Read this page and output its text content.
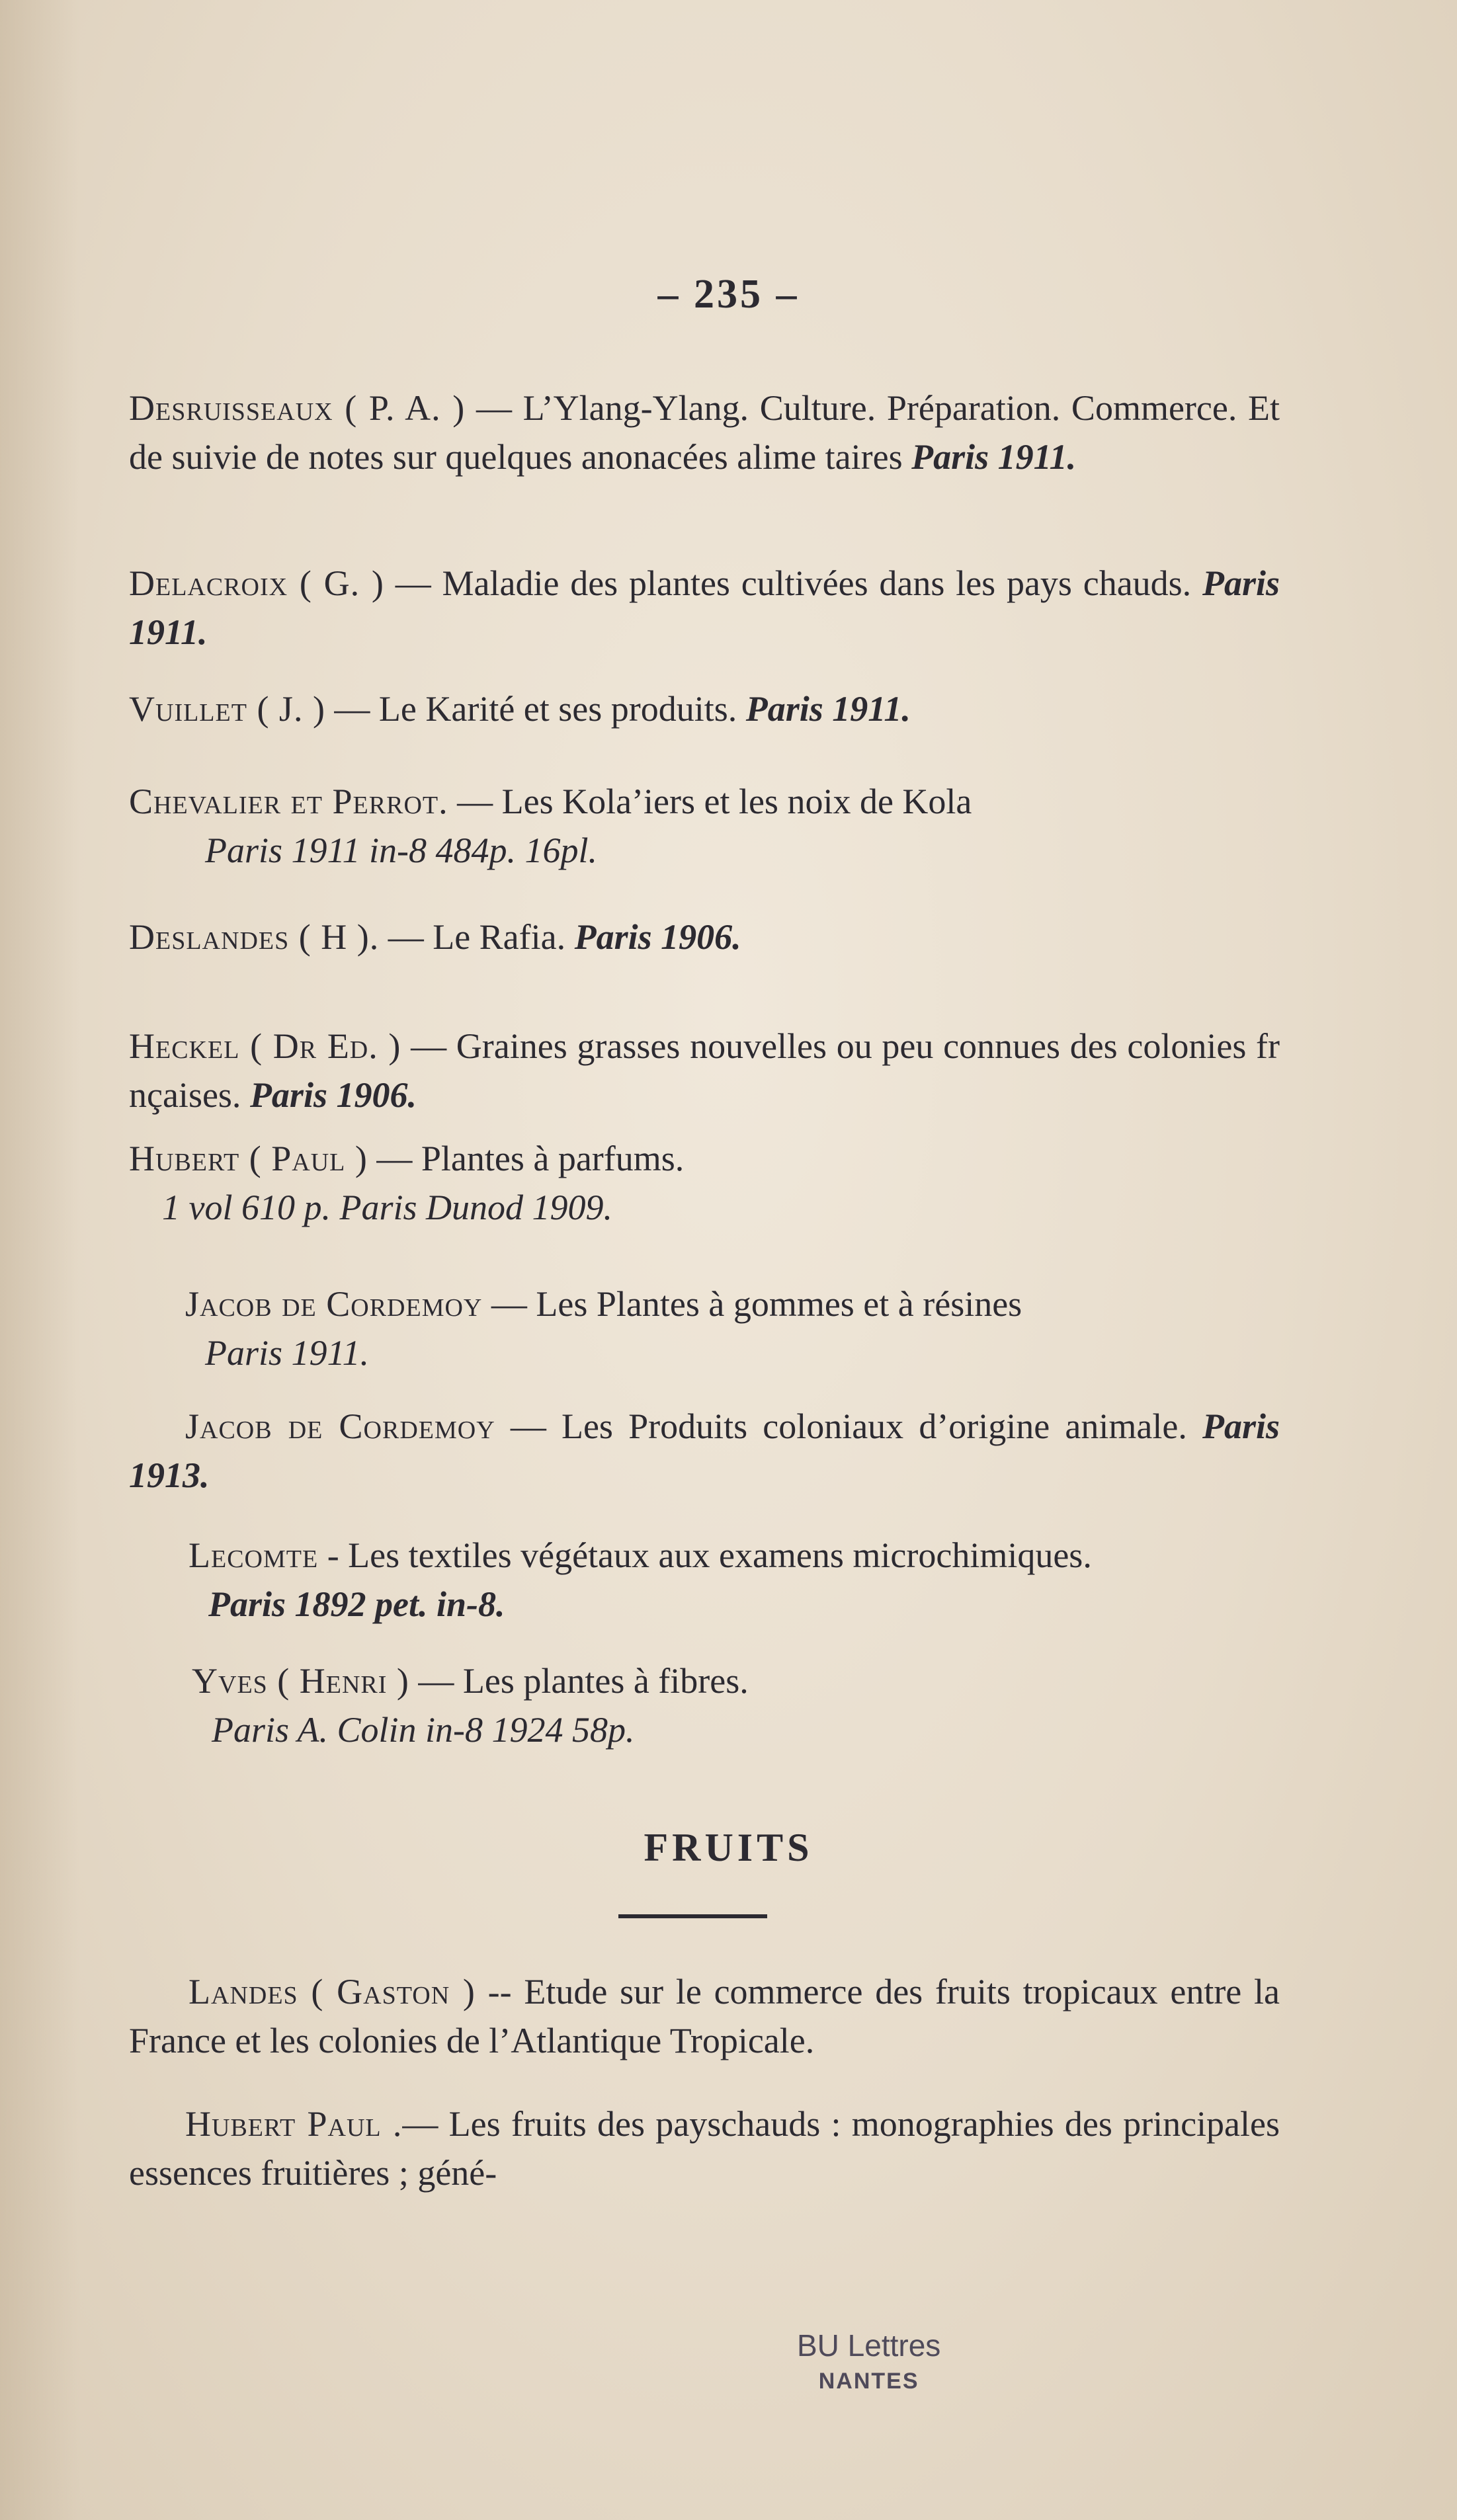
– 235 –
Desruisseaux ( P. A. ) — L’Ylang-Ylang. Culture. Préparation. Commerce. Et de suivie de notes sur quelques anonacées alime taires Paris 1911.
Delacroix ( G. ) — Maladie des plantes cultivées dans les pays chauds. Paris 1911.
Vuillet ( J. ) — Le Karité et ses produits. Paris 1911.
Chevalier et Perrot. — Les Kola’iers et les noix de Kola
Paris 1911 in-8 484p. 16pl.
Deslandes ( H ). — Le Rafia. Paris 1906.
Heckel ( Dr Ed. ) — Graines grasses nouvelles ou peu connues des colonies fr nçaises. Paris 1906.
Hubert ( Paul ) — Plantes à parfums.
1 vol 610 p. Paris Dunod 1909.
Jacob de Cordemoy — Les Plantes à gommes et à résines
Paris 1911.
Jacob de Cordemoy — Les Produits coloniaux d’origine animale. Paris 1913.
Lecomte - Les textiles végétaux aux examens microchimiques.
Paris 1892 pet. in-8.
Yves ( Henri ) — Les plantes à fibres.
Paris A. Colin in-8 1924 58p.
FRUITS
Landes ( Gaston ) -- Etude sur le commerce des fruits tropicaux entre la France et les colonies de l’Atlantique Tropicale.
Hubert Paul .— Les fruits des payschauds : monographies des principales essences fruitières ; géné-
BU Lettres
NANTES
